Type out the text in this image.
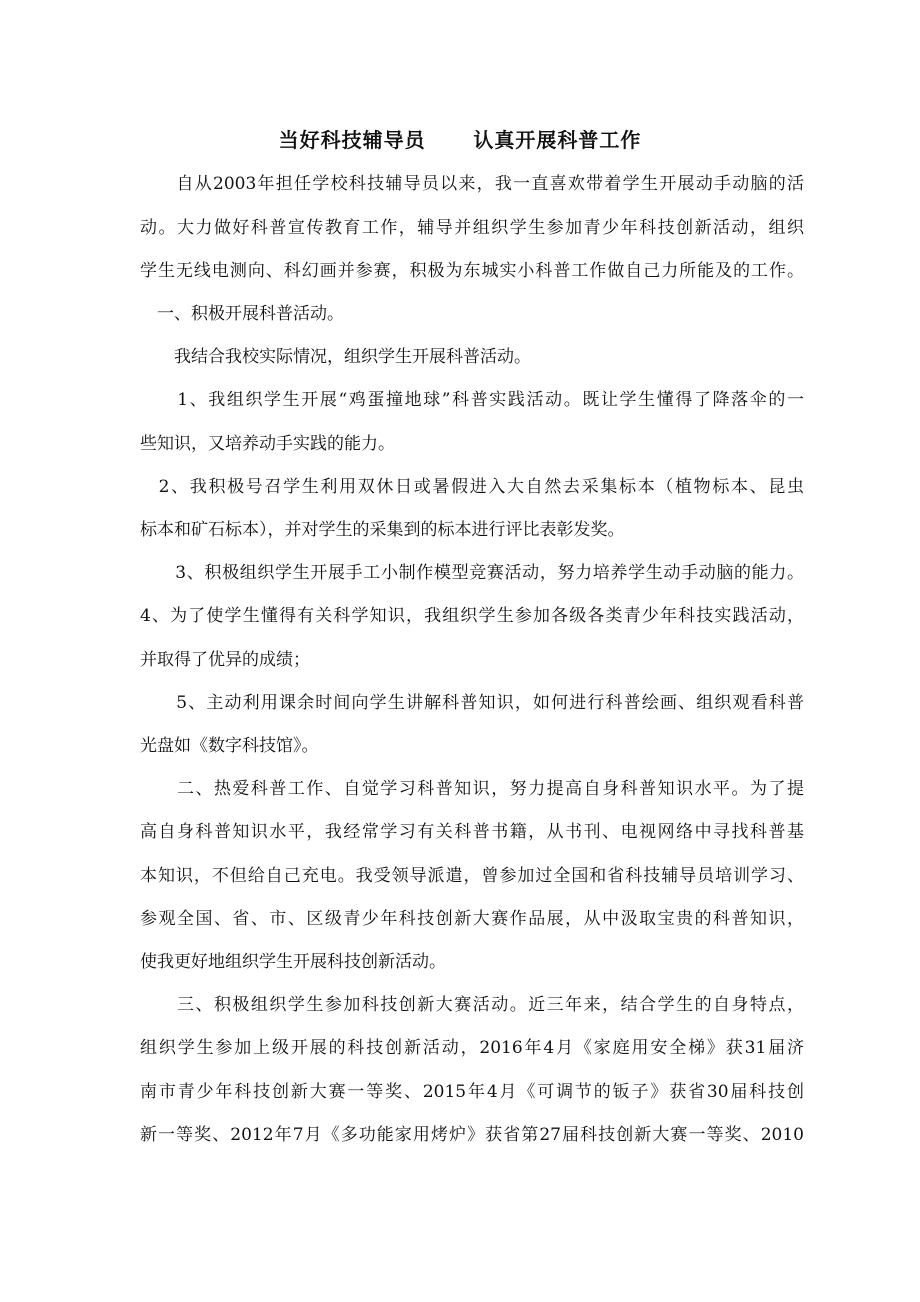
当好科技辅导员      认真开展科普工作
　　自从2003年担任学校科技辅导员以来，我一直喜欢带着学生开展动手动脑的活
动。大力做好科普宣传教育工作，辅导并组织学生参加青少年科技创新活动，组织
学生无线电测向、科幻画并参赛，积极为东城实小科普工作做自己力所能及的工作。
　一、积极开展科普活动。
　　我结合我校实际情况，组织学生开展科普活动。
　　1、我组织学生开展“鸡蛋撞地球”科普实践活动。既让学生懂得了降落伞的一
些知识，又培养动手实践的能力。
　2、我积极号召学生利用双休日或暑假进入大自然去采集标本（植物标本、昆虫
标本和矿石标本），并对学生的采集到的标本进行评比表彰发奖。
　　3、积极组织学生开展手工小制作模型竞赛活动，努力培养学生动手动脑的能力。
4、为了使学生懂得有关科学知识，我组织学生参加各级各类青少年科技实践活动，
并取得了优异的成绩；
　　5、主动利用课余时间向学生讲解科普知识，如何进行科普绘画、组织观看科普
光盘如《数字科技馆》。
　　二、热爱科普工作、自觉学习科普知识，努力提高自身科普知识水平。为了提
高自身科普知识水平，我经常学习有关科普书籍，从书刊、电视网络中寻找科普基
本知识，不但给自己充电。我受领导派遣，曾参加过全国和省科技辅导员培训学习、
参观全国、省、市、区级青少年科技创新大赛作品展，从中汲取宝贵的科普知识，
使我更好地组织学生开展科技创新活动。
　　三、积极组织学生参加科技创新大赛活动。近三年来，结合学生的自身特点，
组织学生参加上级开展的科技创新活动，2016年4月《家庭用安全梯》获31届济
南市青少年科技创新大赛一等奖、2015年4月《可调节的钣子》获省30届科技创
新一等奖、2012年7月《多功能家用烤炉》获省第27届科技创新大赛一等奖、2010
